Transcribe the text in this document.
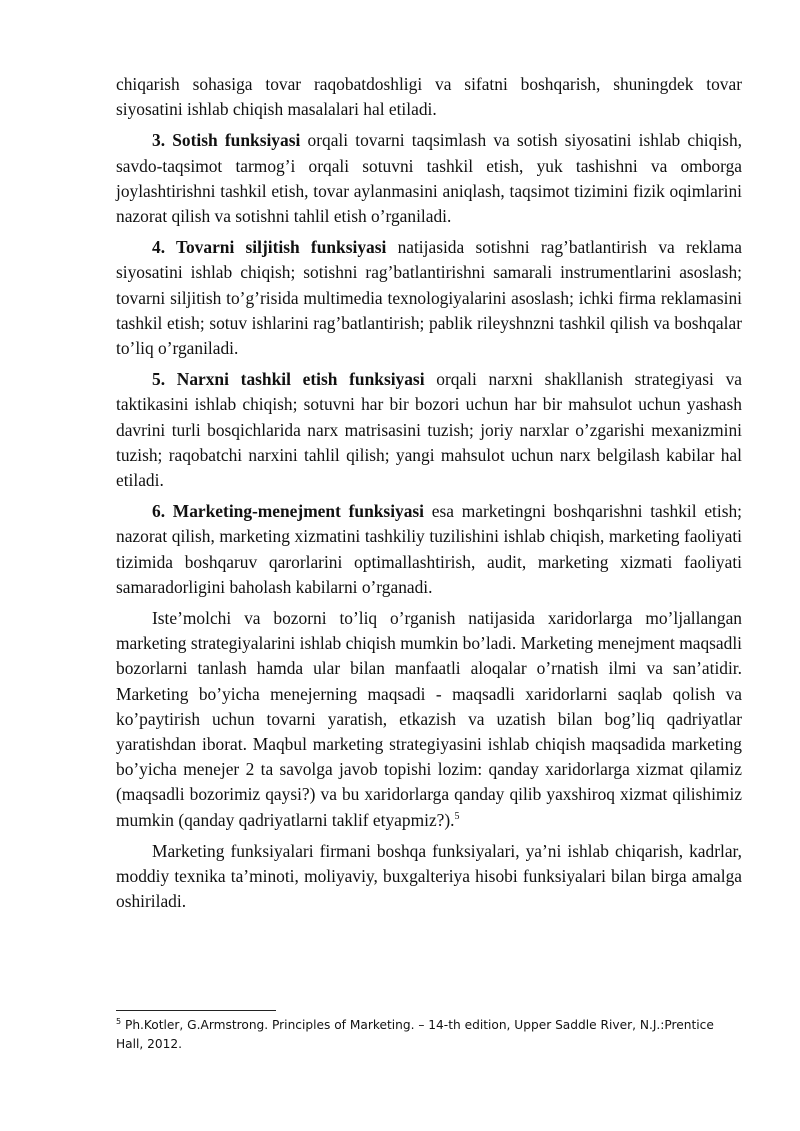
chiqarish sohasiga tovar raqobatdoshligi va sifatni boshqarish, shuningdek tovar siyosatini ishlab chiqish masalalari hal etiladi.

3. Sotish funksiyasi orqali tovarni taqsimlash va sotish siyosatini ishlab chiqish, savdo-taqsimot tarmog’i orqali sotuvni tashkil etish, yuk tashishni va omborga joylashtirishni tashkil etish, tovar aylanmasini aniqlash, taqsimot tizimini fizik oqimlarini nazorat qilish va sotishni tahlil etish o’rganiladi.

4. Tovarni siljitish funksiyasi natijasida sotishni rag’batlantirish va reklama siyosatini ishlab chiqish; sotishni rag’batlantirishni samarali instrumentlarini asoslash; tovarni siljitish to’g’risida multimedia texnologiyalarini asoslash; ichki firma reklamasini tashkil etish; sotuv ishlarini rag’batlantirish; pablik rileyshnzni tashkil qilish va boshqalar to’liq o’rganiladi.

5. Narxni tashkil etish funksiyasi orqali narxni shakllanish strategiyasi va taktikasini ishlab chiqish; sotuvni har bir bozori uchun har bir mahsulot uchun yashash davrini turli bosqichlarida narx matrisasini tuzish; joriy narxlar o’zgarishi mexanizmini tuzish; raqobatchi narxini tahlil qilish; yangi mahsulot uchun narx belgilash kabilar hal etiladi.

6. Marketing-menejment funksiyasi esa marketingni boshqarishni tashkil etish; nazorat qilish, marketing xizmatini tashkiliy tuzilishini ishlab chiqish, marketing faoliyati tizimida boshqaruv qarorlarini optimallashtirish, audit, marketing xizmati faoliyati samaradorligini baholash kabilarni o’rganadi.

Iste’molchi va bozorni to’liq o’rganish natijasida xaridorlarga mo’ljallangan marketing strategiyalarini ishlab chiqish mumkin bo’ladi. Marketing menejment maqsadli bozorlarni tanlash hamda ular bilan manfaatli aloqalar o’rnatish ilmi va san’atidir. Marketing bo’yicha menejerning maqsadi - maqsadli xaridorlarni saqlab qolish va ko’paytirish uchun tovarni yaratish, etkazish va uzatish bilan bog’liq qadriyatlar yaratishdan iborat. Maqbul marketing strategiyasini ishlab chiqish maqsadida marketing bo’yicha menejer 2 ta savolga javob topishi lozim: qanday xaridorlarga xizmat qilamiz (maqsadli bozorimiz qaysi?) va bu xaridorlarga qanday qilib yaxshiroq xizmat qilishimiz mumkin (qanday qadriyatlarni taklif etyapmiz?).$^5$

Marketing funksiyalari firmani boshqa funksiyalari, ya’ni ishlab chiqarish, kadrlar, moddiy texnika ta’minoti, moliyaviy, buxgalteriya hisobi funksiyalari bilan birga amalga oshiriladi.

$^5$ Ph.Kotler, G.Armstrong. Principles of Marketing. – 14-th edition, Upper Saddle River, N.J.:Prentice Hall, 2012.
